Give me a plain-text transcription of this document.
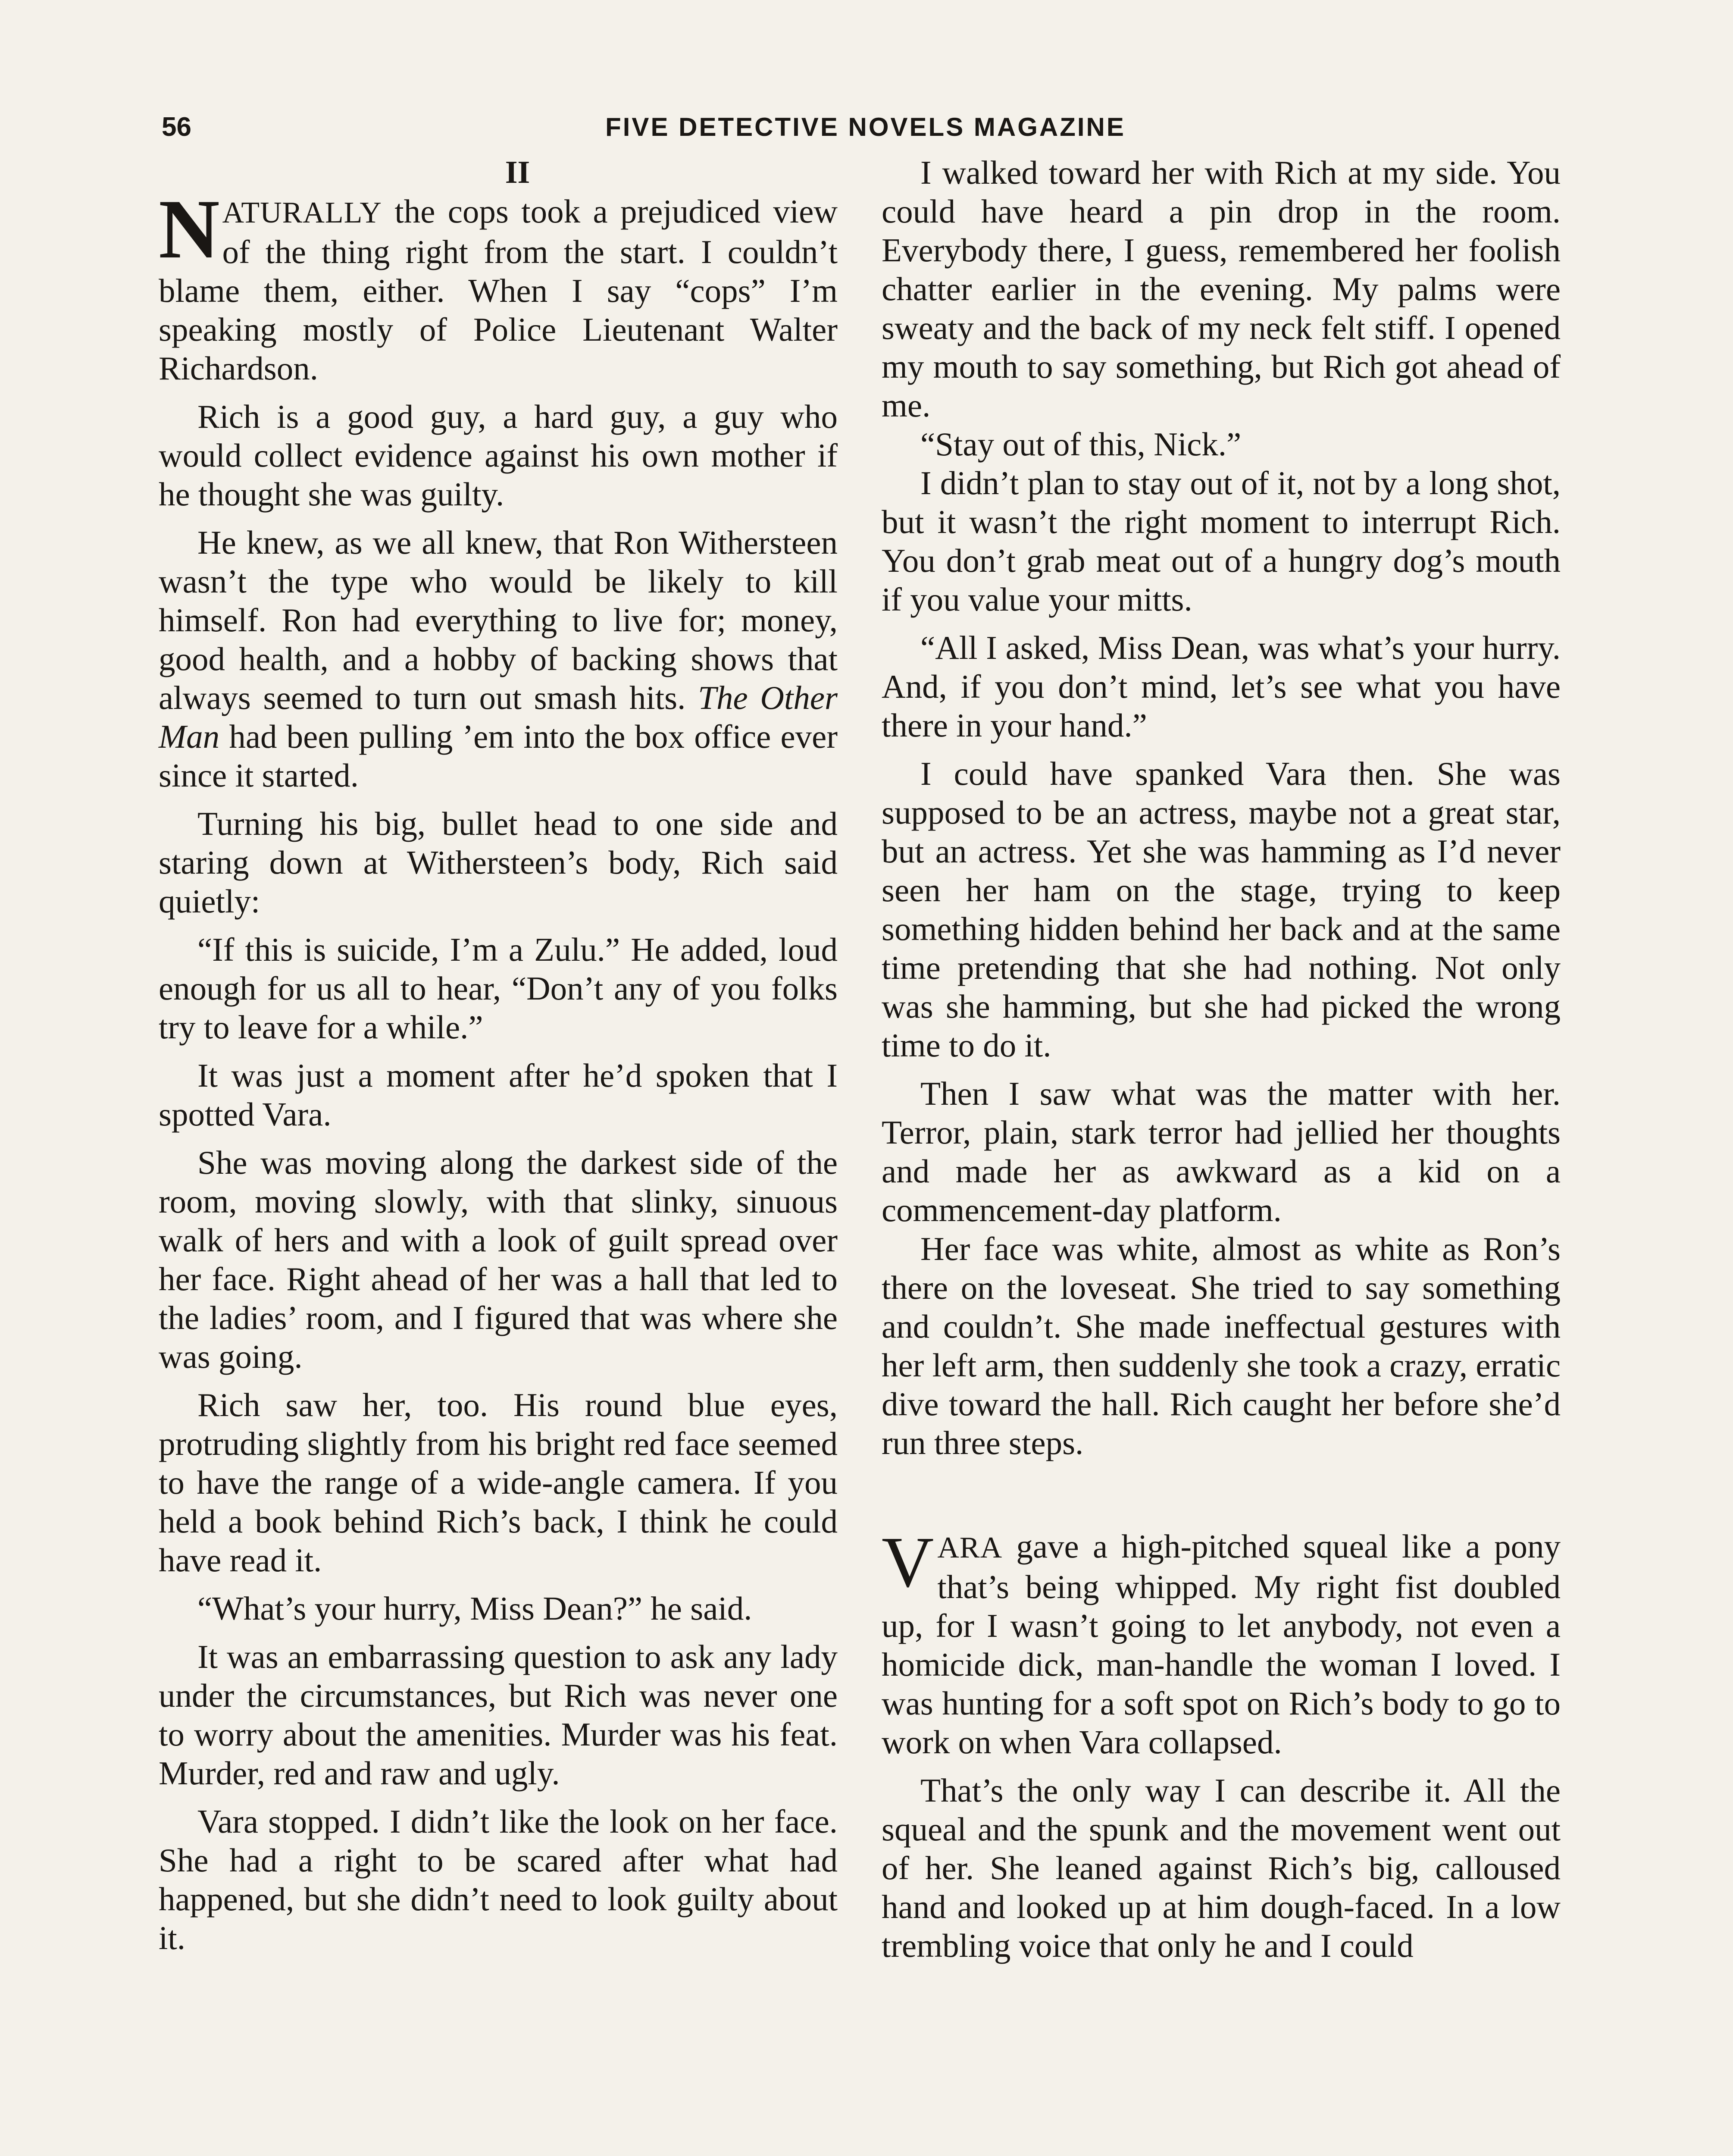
56	FIVE DETECTIVE NOVELS MAGAZINE

II

NATURALLY the cops took a prejudiced view of the thing right from the start. I couldn’t blame them, either. When I say “cops” I’m speaking mostly of Police Lieutenant Walter Richardson.

Rich is a good guy, a hard guy, a guy who would collect evidence against his own mother if he thought she was guilty.

He knew, as we all knew, that Ron Withersteen wasn’t the type who would be likely to kill himself. Ron had everything to live for; money, good health, and a hobby of backing shows that always seemed to turn out smash hits. The Other Man had been pulling ’em into the box office ever since it started.

Turning his big, bullet head to one side and staring down at Withersteen’s body, Rich said quietly:

“If this is suicide, I’m a Zulu.” He added, loud enough for us all to hear, “Don’t any of you folks try to leave for a while.”

It was just a moment after he’d spoken that I spotted Vara.

She was moving along the darkest side of the room, moving slowly, with that slinky, sinuous walk of hers and with a look of guilt spread over her face. Right ahead of her was a hall that led to the ladies’ room, and I figured that was where she was going.

Rich saw her, too. His round blue eyes, protruding slightly from his bright red face seemed to have the range of a wide-angle camera. If you held a book behind Rich’s back, I think he could have read it.

“What’s your hurry, Miss Dean?” he said.

It was an embarrassing question to ask any lady under the circumstances, but Rich was never one to worry about the amenities. Murder was his feat. Murder, red and raw and ugly.

Vara stopped. I didn’t like the look on her face. She had a right to be scared after what had happened, but she didn’t need to look guilty about it.

I walked toward her with Rich at my side. You could have heard a pin drop in the room. Everybody there, I guess, remembered her foolish chatter earlier in the evening. My palms were sweaty and the back of my neck felt stiff. I opened my mouth to say something, but Rich got ahead of me.

“Stay out of this, Nick.”

I didn’t plan to stay out of it, not by a long shot, but it wasn’t the right moment to interrupt Rich. You don’t grab meat out of a hungry dog’s mouth if you value your mitts.

“All I asked, Miss Dean, was what’s your hurry. And, if you don’t mind, let’s see what you have there in your hand.”

I could have spanked Vara then. She was supposed to be an actress, maybe not a great star, but an actress. Yet she was hamming as I’d never seen her ham on the stage, trying to keep something hidden behind her back and at the same time pretending that she had nothing. Not only was she hamming, but she had picked the wrong time to do it.

Then I saw what was the matter with her. Terror, plain, stark terror had jellied her thoughts and made her as awkward as a kid on a commencement-day platform.

Her face was white, almost as white as Ron’s there on the loveseat. She tried to say something and couldn’t. She made ineffectual gestures with her left arm, then suddenly she took a crazy, erratic dive toward the hall. Rich caught her before she’d run three steps.

VARA gave a high-pitched squeal like a pony that’s being whipped. My right fist doubled up, for I wasn’t going to let anybody, not even a homicide dick, man-handle the woman I loved. I was hunting for a soft spot on Rich’s body to go to work on when Vara collapsed.

That’s the only way I can describe it. All the squeal and the spunk and the movement went out of her. She leaned against Rich’s big, calloused hand and looked up at him dough-faced. In a low trembling voice that only he and I could
